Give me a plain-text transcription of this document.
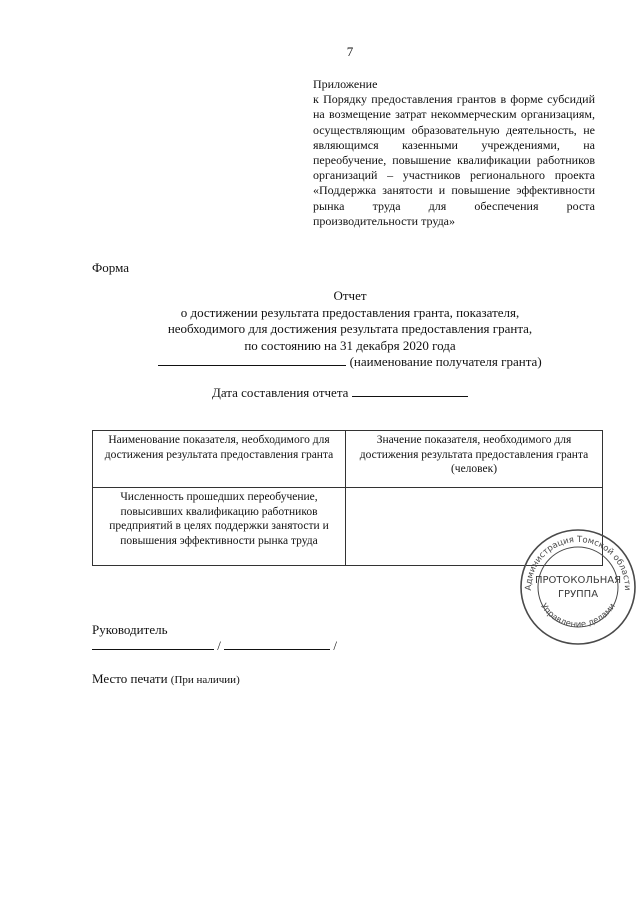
7
Приложение
к Порядку предоставления грантов в форме субсидий на возмещение затрат некоммерческим организациям, осуществляющим образовательную деятельность, не являющимся казенными учреждениями, на переобучение, повышение квалификации работников организаций – участников регионального проекта «Поддержка занятости и повышение эффективности рынка труда для обеспечения роста производительности труда»
Форма
Отчет
о достижении результата предоставления гранта, показателя,
необходимого для достижения результата предоставления гранта,
по состоянию на 31 декабря 2020 года
(наименование получателя гранта)
Дата составления отчета
Наименование показателя, необходимого для достижения результата предоставления гранта	Значение показателя, необходимого для достижения результата предоставления гранта (человек)
Численность прошедших переобучение, повысивших квалификацию работников предприятий в целях поддержки занятости и повышения эффективности рынка труда	
Руководитель
/	/
Место печати (При наличии)
Администрация Томской области
Управление делами
ПРОТОКОЛЬНАЯ
ГРУППА
